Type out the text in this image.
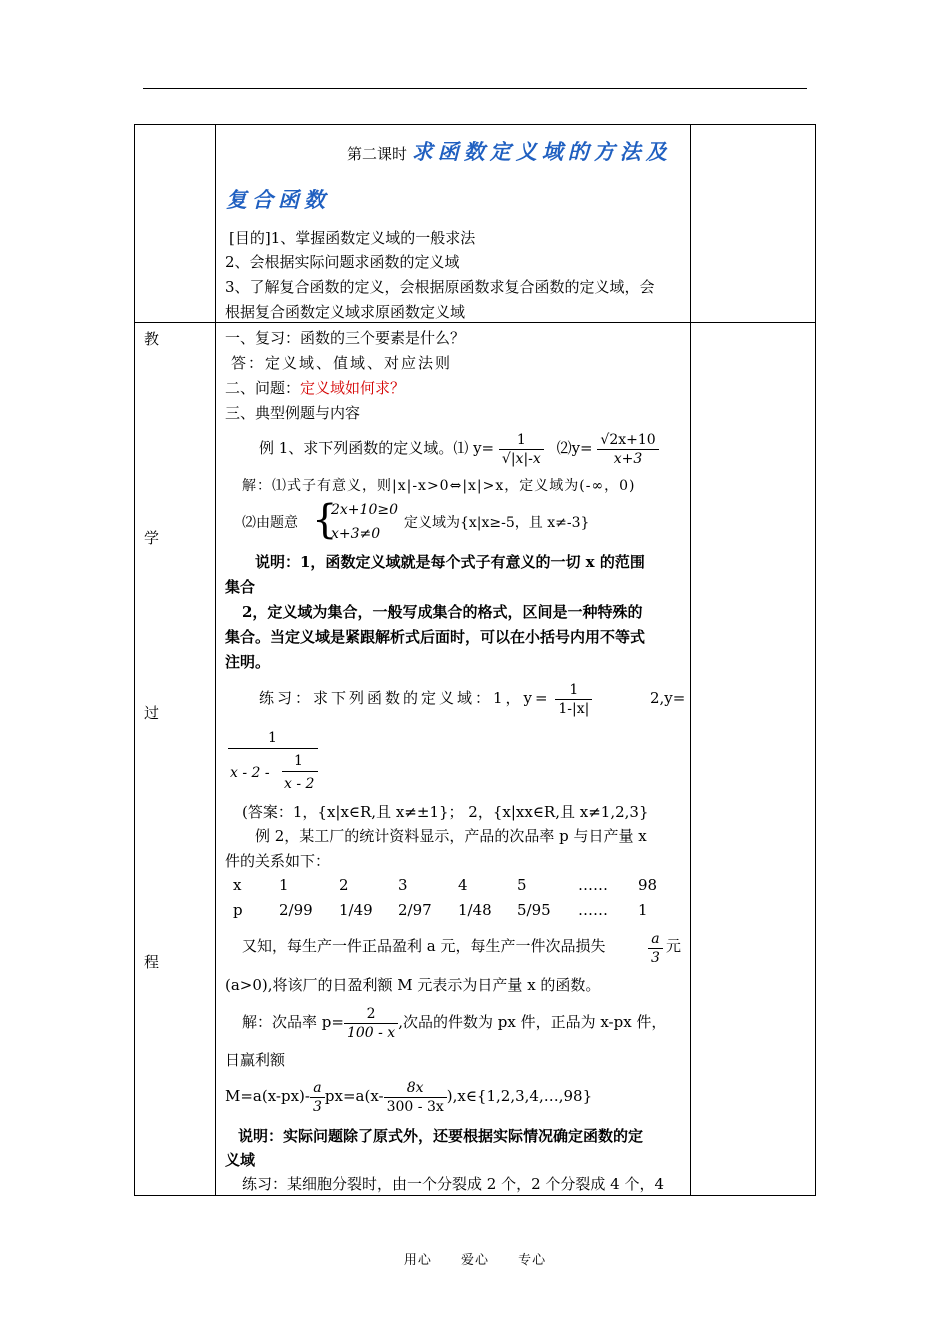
第二课时 求函数定义域的方法及
复合函数
[目的]1、掌握函数定义域的一般求法
2、会根据实际问题求函数的定义域
3、了解复合函数的定义，会根据原函数求复合函数的定义域，会
根据复合函数定义域求原函数定义域
教
学
过
程
一、复习：函数的三个要素是什么？
答：定义域、值域、对应法则
二、问题：定义域如何求？
三、典型例题与内容
例 1、求下列函数的定义域。⑴ $y= \frac{1}{√|x|-x}$ ⑵y= $\frac{√2x+10}{x+3}$
解：⑴式子有意义，则|x|-x>0⇔|x|>x，定义域为(-∞，0)
⑵由题意 {
2x+10≥0
x+3≠0
定义域为{x|x≥-5，且 x≠-3}
说明：1，函数定义域就是每个式子有意义的一切 x 的范围
集合
2，定义域为集合，一般写成集合的格式，区间是一种特殊的
集合。当定义域是紧跟解析式后面时，可以在小括号内用不等式
注明。
练习：求下列函数的定义域：1，$y= \frac{1}{1-|x|}$	2,y=
1
x - 2 -
1
x - 2
(答案：1，{x|x∈R,且 x≠±1}； 2，{x|xx∈R,且 x≠1,2,3}
例 2，某工厂的统计资料显示，产品的次品率 p 与日产量 x
件的关系如下：
x	1	2	3	4	5	…… 98
p 2/99 1/49 2/97 1/48 5/95 …… 1
又知，每生产一件正品盈利 a 元，每生产一件次品损失	$\frac{a}{3}$ 元
(a>0),将该厂的日盈利额 M 元表示为日产量 x 的函数。
解：次品率 $p= \frac{2}{100 - x}$ ,次品的件数为 px 件，正品为 x-px 件，
日赢利额
$M=a(x-px)- \frac{a}{3} px=a(x- \frac{8x}{300 - 3x}$ ),x∈{1,2,3,4,…,98}
说明：实际问题除了原式外，还要根据实际情况确定函数的定
义域
练习：某细胞分裂时，由一个分裂成 2 个，2 个分裂成 4 个，4
用心 爱心 专心
